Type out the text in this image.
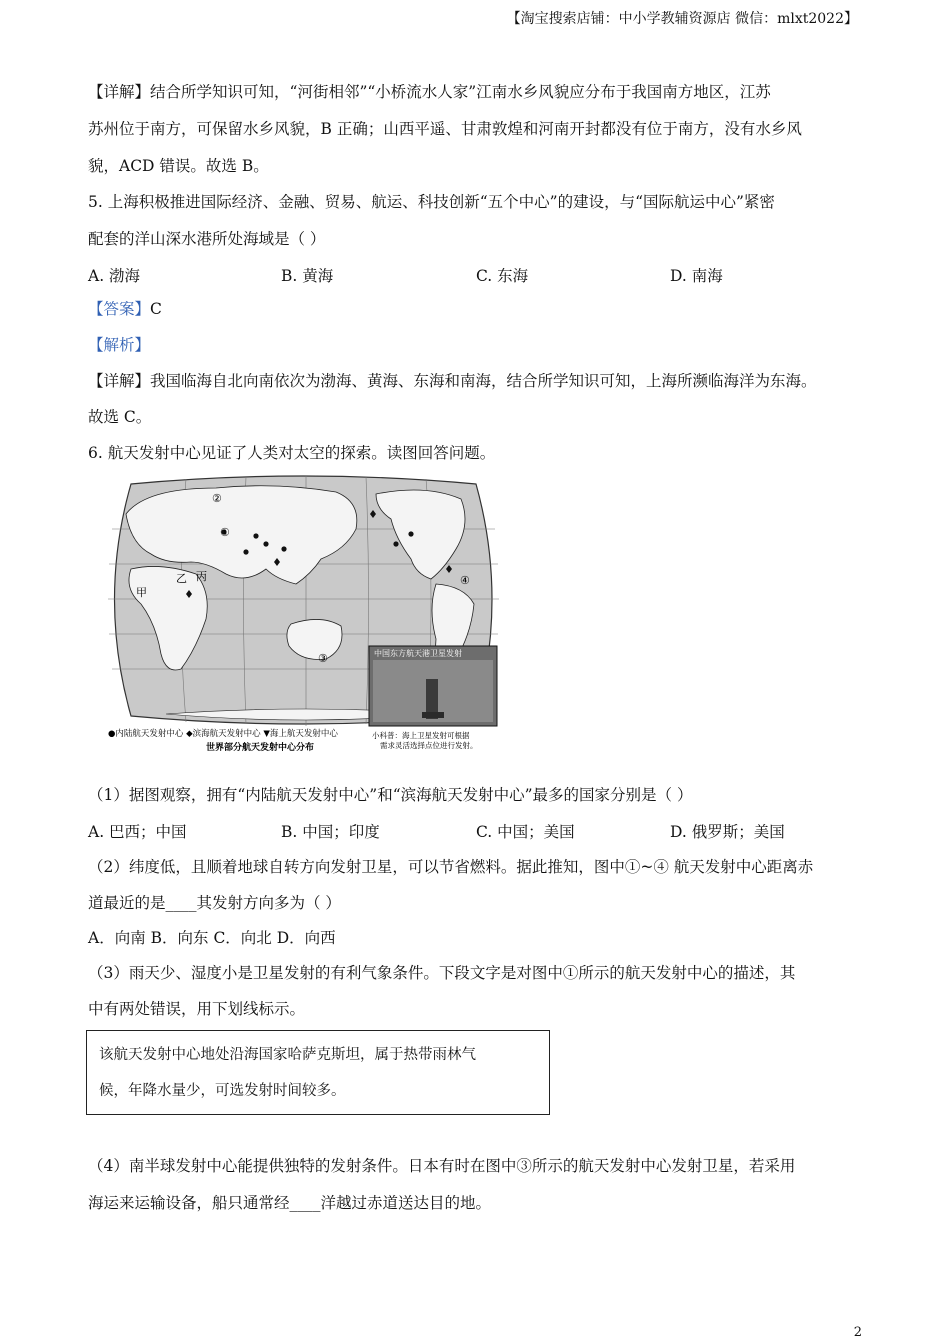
【淘宝搜索店铺：中小学教辅资源店 微信：mlxt2022】
【详解】结合所学知识可知，“河街相邻”“小桥流水人家”江南水乡风貌应分布于我国南方地区，江苏
苏州位于南方，可保留水乡风貌，B 正确；山西平遥、甘肃敦煌和河南开封都没有位于南方，没有水乡风
貌，ACD 错误。故选 B。
5. 上海积极推进国际经济、金融、贸易、航运、科技创新“五个中心”的建设，与“国际航运中心”紧密
配套的洋山深水港所处海域是（ ）
A. 渤海	B. 黄海	C. 东海	D. 南海
【答案】C
【解析】
【详解】我国临海自北向南依次为渤海、黄海、东海和南海，结合所学知识可知，上海所濒临海洋为东海。
故选 C。
6. 航天发射中心见证了人类对太空的探索。读图回答问题。
②
①
③
④
甲
乙 丙
中国东方航天港卫星发射
●内陆航天发射中心 ◆滨海航天发射中心 ▼海上航天发射中心
世界部分航天发射中心分布
小科普：海上卫星发射可根据
需求灵活选择点位进行发射。
（1）据图观察，拥有“内陆航天发射中心”和“滨海航天发射中心”最多的国家分别是（ ）
A. 巴西；中国	B. 中国；印度	C. 中国；美国	D. 俄罗斯；美国
（2）纬度低，且顺着地球自转方向发射卫星，可以节省燃料。据此推知，图中①~④ 航天发射中心距离赤
道最近的是____其发射方向多为（ ）
A．向南 B．向东 C．向北 D．向西
（3）雨天少、湿度小是卫星发射的有利气象条件。下段文字是对图中①所示的航天发射中心的描述，其
中有两处错误，用下划线标示。
该航天发射中心地处沿海国家哈萨克斯坦，属于热带雨林气
候，年降水量少，可选发射时间较多。
（4）南半球发射中心能提供独特的发射条件。日本有时在图中③所示的航天发射中心发射卫星，若采用
海运来运输设备，船只通常经____洋越过赤道送达目的地。
2
